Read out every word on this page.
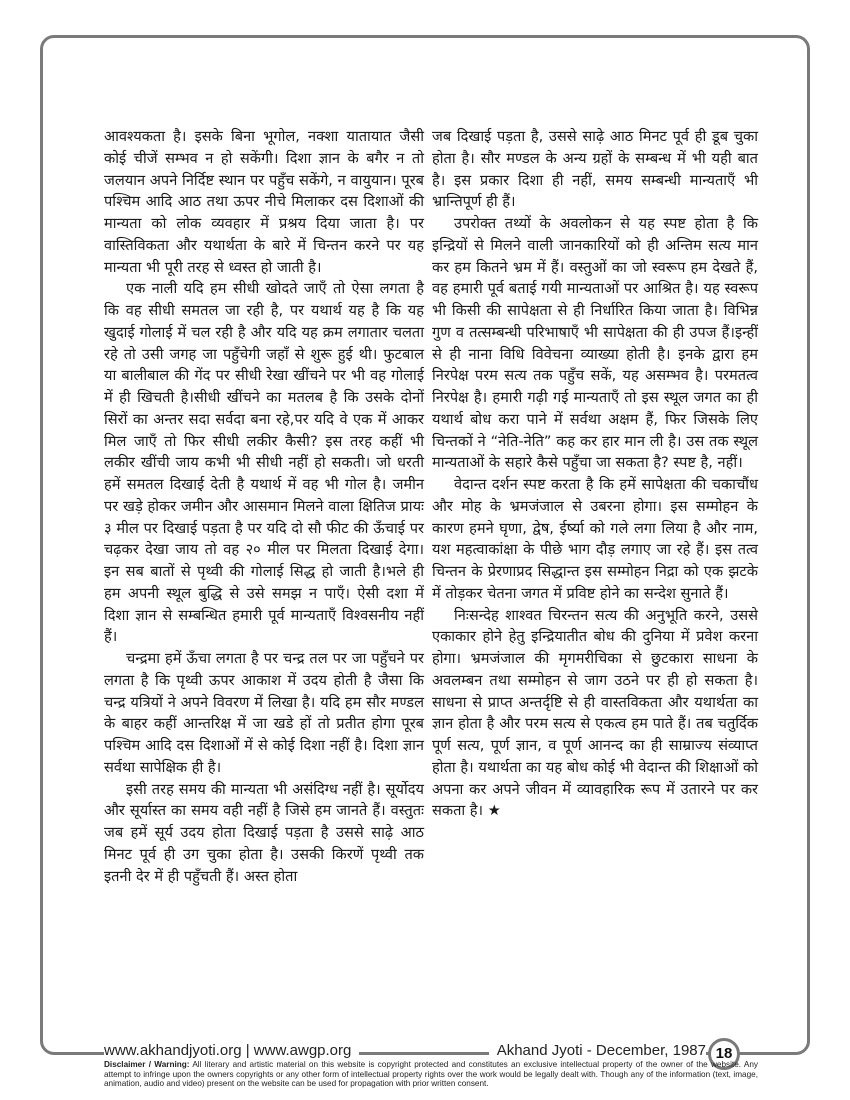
आवश्यकता है। इसके बिना भूगोल, नक्शा यातायात जैसी कोई चीजें सम्भव न हो सकेंगी। दिशा ज्ञान के बगैर न तो जलयान अपने निर्दिष्ट स्थान पर पहुँच सकेंगे, न वायुयान। पूरब पश्चिम आदि आठ तथा ऊपर नीचे मिलाकर दस दिशाओं की मान्यता को लोक व्यवहार में प्रश्रय दिया जाता है। पर वास्तिविकता और यथार्थता के बारे में चिन्तन करने पर यह मान्यता भी पूरी तरह से ध्वस्त हो जाती है।

एक नाली यदि हम सीधी खोदते जाएँ तो ऐसा लगता है कि वह सीधी समतल जा रही है, पर यथार्थ यह है कि यह खुदाई गोलाई में चल रही है और यदि यह क्रम लगातार चलता रहे तो उसी जगह जा पहुँचेगी जहाँ से शुरू हुई थी। फुटबाल या बालीबाल की गेंद पर सीधी रेखा खींचने पर भी वह गोलाई में ही खिचती है।सीधी खींचने का मतलब है कि उसके दोनों सिरों का अन्तर सदा सर्वदा बना रहे,पर यदि वे एक में आकर मिल जाएँ तो फिर सीधी लकीर कैसी? इस तरह कहीं भी लकीर खींची जाय कभी भी सीधी नहीं हो सकती। जो धरती हमें समतल दिखाई देती है यथार्थ में वह भी गोल है। जमीन पर खड़े होकर जमीन और आसमान मिलने वाला क्षितिज प्रायः ३ मील पर दिखाई पड़ता है पर यदि दो सौ फीट की ऊँचाई पर चढ़कर देखा जाय तो वह २० मील पर मिलता दिखाई देगा। इन सब बातों से पृथ्वी की गोलाई सिद्ध हो जाती है।भले ही हम अपनी स्थूल बुद्धि से उसे समझ न पाएँ। ऐसी दशा में दिशा ज्ञान से सम्बन्धित हमारी पूर्व मान्यताएँ विश्वसनीय नहीं हैं।

चन्द्रमा हमें ऊँचा लगता है पर चन्द्र तल पर जा पहुँचने पर लगता है कि पृथ्वी ऊपर आकाश में उदय होती है जैसा कि चन्द्र यत्रियों ने अपने विवरण में लिखा है। यदि हम सौर मण्डल के बाहर कहीं आन्तरिक्ष में जा खडे हों तो प्रतीत होगा पूरब पश्चिम आदि दस दिशाओं में से कोई दिशा नहीं है। दिशा ज्ञान सर्वथा सापेक्षिक ही है।

इसी तरह समय की मान्यता भी असंदिग्ध नहीं है। सूर्योदय और सूर्यास्त का समय वही नहीं है जिसे हम जानते हैं। वस्तुतः जब हमें सूर्य उदय होता दिखाई पड़ता है उससे साढ़े आठ मिनट पूर्व ही उग चुका होता है। उसकी किरणें पृथ्वी तक इतनी देर में ही पहुँचती हैं। अस्त होता

जब दिखाई पड़ता है, उससे साढ़े आठ मिनट पूर्व ही डूब चुका होता है। सौर मण्डल के अन्य ग्रहों के सम्बन्ध में भी यही बात है। इस प्रकार दिशा ही नहीं, समय सम्बन्धी मान्यताएँ भी भ्रान्तिपूर्ण ही हैं।

उपरोक्त तथ्यों के अवलोकन से यह स्पष्ट होता है कि इन्द्रियों से मिलने वाली जानकारियों को ही अन्तिम सत्य मान कर हम कितने भ्रम में हैं। वस्तुओं का जो स्वरूप हम देखते हैं, वह हमारी पूर्व बताई गयी मान्यताओं पर आश्रित है। यह स्वरूप भी किसी की सापेक्षता से ही निर्धारित किया जाता है। विभिन्न गुण व तत्सम्बन्धी परिभाषाएँ भी सापेक्षता की ही उपज हैं।इन्हीं से ही नाना विधि विवेचना व्याख्या होती है। इनके द्वारा हम निरपेक्ष परम सत्य तक पहुँच सकें, यह असम्भव है। परमतत्व निरपेक्ष है। हमारी गढ़ी गई मान्यताएँ तो इस स्थूल जगत का ही यथार्थ बोध करा पाने में सर्वथा अक्षम हैं, फिर जिसके लिए चिन्तकों ने “नेति-नेति” कह कर हार मान ली है। उस तक स्थूल मान्यताओं के सहारे कैसे पहुँचा जा सकता है? स्पष्ट है, नहीं।

वेदान्त दर्शन स्पष्ट करता है कि हमें सापेक्षता की चकाचौंध और मोह के भ्रमजंजाल से उबरना होगा। इस सम्मोहन के कारण हमने घृणा, द्वेष, ईर्ष्या को गले लगा लिया है और नाम, यश महत्वाकांक्षा के पीछे भाग दौड़ लगाए जा रहे हैं। इस तत्व चिन्तन के प्रेरणाप्रद सिद्धान्त इस सम्मोहन निद्रा को एक झटके में तोड़कर चेतना जगत में प्रविष्ट होने का सन्देश सुनाते हैं।

निःसन्देह शाश्वत चिरन्तन सत्य की अनुभूति करने, उससे एकाकार होने हेतु इन्द्रियातीत बोध की दुनिया में प्रवेश करना होगा। भ्रमजंजाल की मृगमरीचिका से छुटकारा साधना के अवलम्बन तथा सम्मोहन से जाग उठने पर ही हो सकता है। साधना से प्राप्त अन्तर्दृष्टि से ही वास्तविकता और यथार्थता का ज्ञान होता है और परम सत्य से एकत्व हम पाते हैं। तब चतुर्दिक पूर्ण सत्य, पूर्ण ज्ञान, व पूर्ण आनन्द का ही साम्राज्य संव्याप्त होता है। यथार्थता का यह बोध कोई भी वेदान्त की शिक्षाओं को अपना कर अपने जीवन में व्यावहारिक रूप में उतारने पर कर सकता है। ★

www.akhandjyoti.org | www.awgp.org	Akhand Jyoti - December, 1987 18
Disclaimer / Warning: All literary and artistic material on this website is copyright protected and constitutes an exclusive intellectual property of the owner of the website. Any attempt to infringe upon the owners copyrights or any other form of intellectual property rights over the work would be legally dealt with. Though any of the information (text, image, animation, audio and video) present on the website can be used for propagation with prior written consent.
